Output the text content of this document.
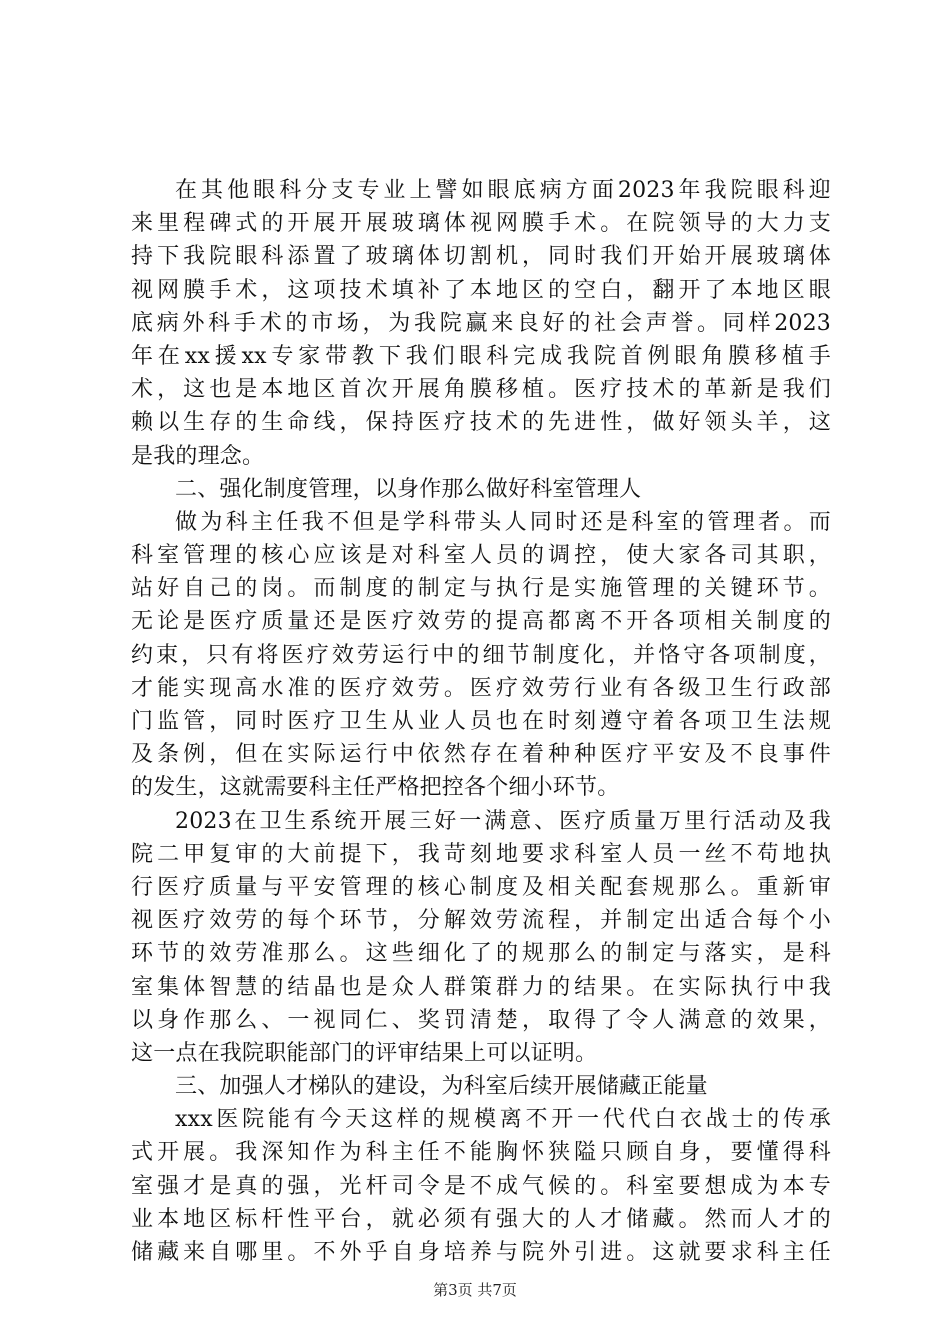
在其他眼科分支专业上譬如眼底病方面2023年我院眼科迎
来里程碑式的开展开展玻璃体视网膜手术。在院领导的大力支
持下我院眼科添置了玻璃体切割机，同时我们开始开展玻璃体
视网膜手术，这项技术填补了本地区的空白，翻开了本地区眼
底病外科手术的市场，为我院赢来良好的社会声誉。同样2023
年在xx援xx专家带教下我们眼科完成我院首例眼角膜移植手
术，这也是本地区首次开展角膜移植。医疗技术的革新是我们
赖以生存的生命线，保持医疗技术的先进性，做好领头羊，这
是我的理念。
二、强化制度管理，以身作那么做好科室管理人
做为科主任我不但是学科带头人同时还是科室的管理者。而
科室管理的核心应该是对科室人员的调控，使大家各司其职，
站好自己的岗。而制度的制定与执行是实施管理的关键环节。
无论是医疗质量还是医疗效劳的提高都离不开各项相关制度的
约束，只有将医疗效劳运行中的细节制度化，并恪守各项制度，
才能实现高水准的医疗效劳。医疗效劳行业有各级卫生行政部
门监管，同时医疗卫生从业人员也在时刻遵守着各项卫生法规
及条例，但在实际运行中依然存在着种种医疗平安及不良事件
的发生，这就需要科主任严格把控各个细小环节。
2023在卫生系统开展三好一满意、医疗质量万里行活动及我
院二甲复审的大前提下，我苛刻地要求科室人员一丝不苟地执
行医疗质量与平安管理的核心制度及相关配套规那么。重新审
视医疗效劳的每个环节，分解效劳流程，并制定出适合每个小
环节的效劳准那么。这些细化了的规那么的制定与落实，是科
室集体智慧的结晶也是众人群策群力的结果。在实际执行中我
以身作那么、一视同仁、奖罚清楚，取得了令人满意的效果，
这一点在我院职能部门的评审结果上可以证明。
三、加强人才梯队的建设，为科室后续开展储藏正能量
xxx医院能有今天这样的规模离不开一代代白衣战士的传承
式开展。我深知作为科主任不能胸怀狭隘只顾自身，要懂得科
室强才是真的强，光杆司令是不成气候的。科室要想成为本专
业本地区标杆性平台，就必须有强大的人才储藏。然而人才的
储藏来自哪里。不外乎自身培养与院外引进。这就要求科主任
第3页 共7页
